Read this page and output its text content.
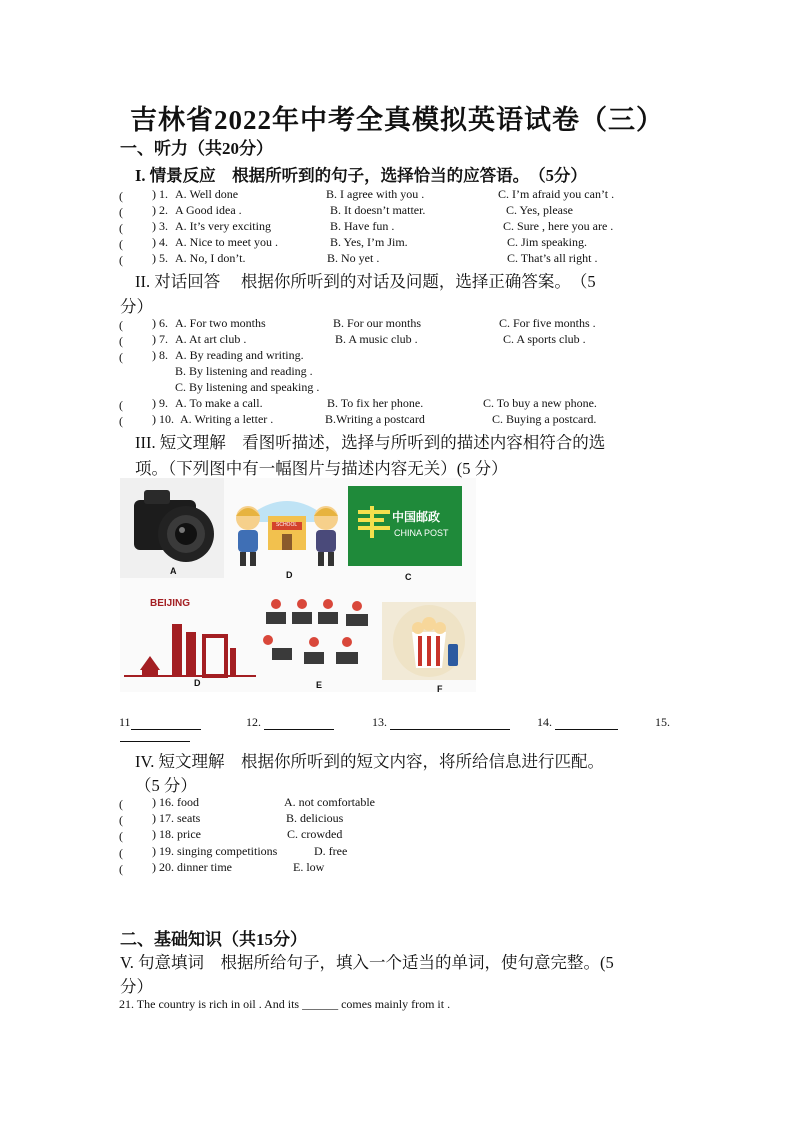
吉林省2022年中考全真模拟英语试卷（三）
一、听力（共20分）
I. 情景反应　根据所听到的句子，选择恰当的应答语。　（5分）
(　　 ) 1. A. Well done	B. I agree with you .	C. I’m afraid you can’t .
(　　 ) 2. A Good idea .	B. It doesn’t matter.	C. Yes, please
(　　 ) 3. A. It’s very exciting	B. Have fun .	C. Sure , here you are .
(　　 ) 4. A. Nice to meet you .	B. Yes, I’m Jim.	C. Jim speaking.
(　　 ) 5. A. No, I don’t.	B. No yet .	C. That’s all right .
II. 对话回答　 根据你所听到的对话及问题，选择正确答案。　（5
分）
(　　 ) 6. A. For two months	B. For our months	C. For five months .
(　　 ) 7. A. At art club .	B. A music club .	C. A sports club .
(　　 ) 8. A. By reading and writing.
B. By listening and reading .
C. By listening and speaking .
(　　 ) 9. A. To make a call.	B. To fix her phone.	C. To buy a new phone.
(　　 ) 10. A. Writing a letter .	B.Writing a postcard	C. Buying a postcard.
III. 短文理解　看图听描述，选择与所听到的描述内容相符合的选
项。（下列图中有一幅图片与描述内容无关）(5 分）
A
SCHOOL
D
中国邮政
CHINA POST
C
BEIJING
D	E	F
11	12.	13.	14.	15.
IV. 短文理解　根据你所听到的短文内容，将所给信息进行匹配。
（5 分）
(　　 ) 16. food	A. not comfortable
(　　 ) 17. seats	B. delicious
(　　 ) 18. price	C. crowded
(　　 ) 19. singing competitions	D. free
(　　 ) 20. dinner time	E. low
二、基础知识（共15分）
V. 句意填词　根据所给句子，填入一个适当的单词，使句意完整。(5
分）
21. The country is rich in oil . And its ______ comes mainly from it .
